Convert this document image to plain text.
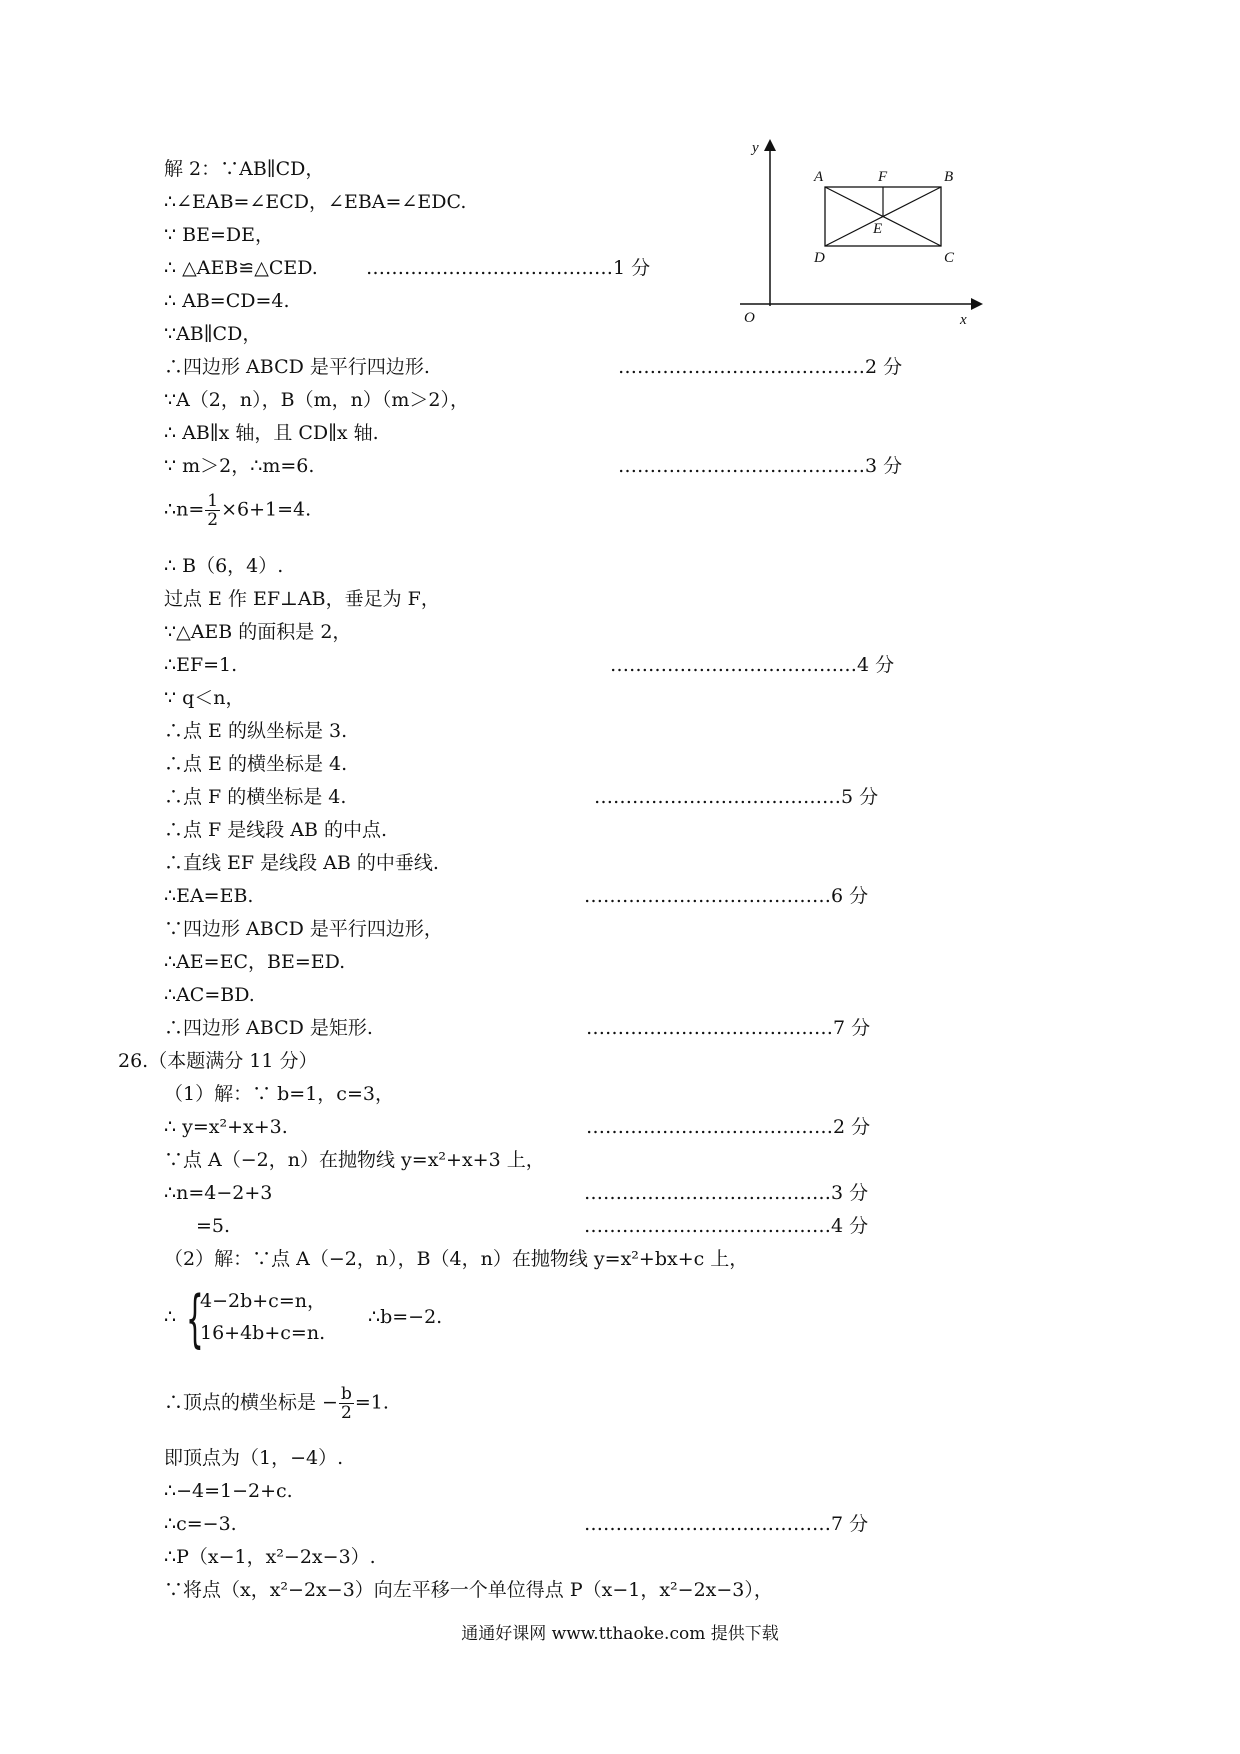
y
x
O
A	F	B
E
D	C
解 2：∵AB∥CD，
∴∠EAB=∠ECD，∠EBA=∠EDC.
∵ BE=DE，
∴ △AEB≌△CED.	…………………………………1 分
∴ AB=CD=4.
∵AB∥CD，
∴四边形 ABCD 是平行四边形.	…………………………………2 分
∵A（2，n），B（m，n）（m＞2），
∴ AB∥x 轴，且 CD∥x 轴.
∵ m＞2，∴m=6.	…………………………………3 分
∴n= $\frac{1}{2} \times 6+1=4$.
∴ B（6，4）.
过点 E 作 EF⊥AB，垂足为 F，
∵△AEB 的面积是 2，
∴EF=1.	…………………………………4 分
∵ q＜n，
∴点 E 的纵坐标是 3.
∴点 E 的横坐标是 4.
∴点 F 的横坐标是 4.	…………………………………5 分
∴点 F 是线段 AB 的中点.
∴直线 EF 是线段 AB 的中垂线.
∴EA=EB.	…………………………………6 分
∵四边形 ABCD 是平行四边形，
∴AE=EC，BE=ED.
∴AC=BD.
∴四边形 ABCD 是矩形.	…………………………………7 分
26.（本题满分 11 分）
（1）解：∵ b=1，c=3，
∴ y=x²+x+3.	…………………………………2 分
∵点 A（−2，n）在抛物线 y=x²+x+3 上，
∴n=4−2+3	…………………………………3 分
=5.	…………………………………4 分
（2）解：∵点 A（−2，n），B（4，n）在抛物线 y=x²+bx+c 上，
∴ {
4−2b+c=n，
16+4b+c=n.
∴b=−2.
∴顶点的横坐标是 − $\frac{b}{2} =1$.
即顶点为（1，−4）.
∴−4=1−2+c.
∴c=−3.	…………………………………7 分
∴P（x−1，x²−2x−3）.
∵将点（x，x²−2x−3）向左平移一个单位得点 P（x−1，x²−2x−3），
通通好课网 www.tthaoke.com 提供下载
